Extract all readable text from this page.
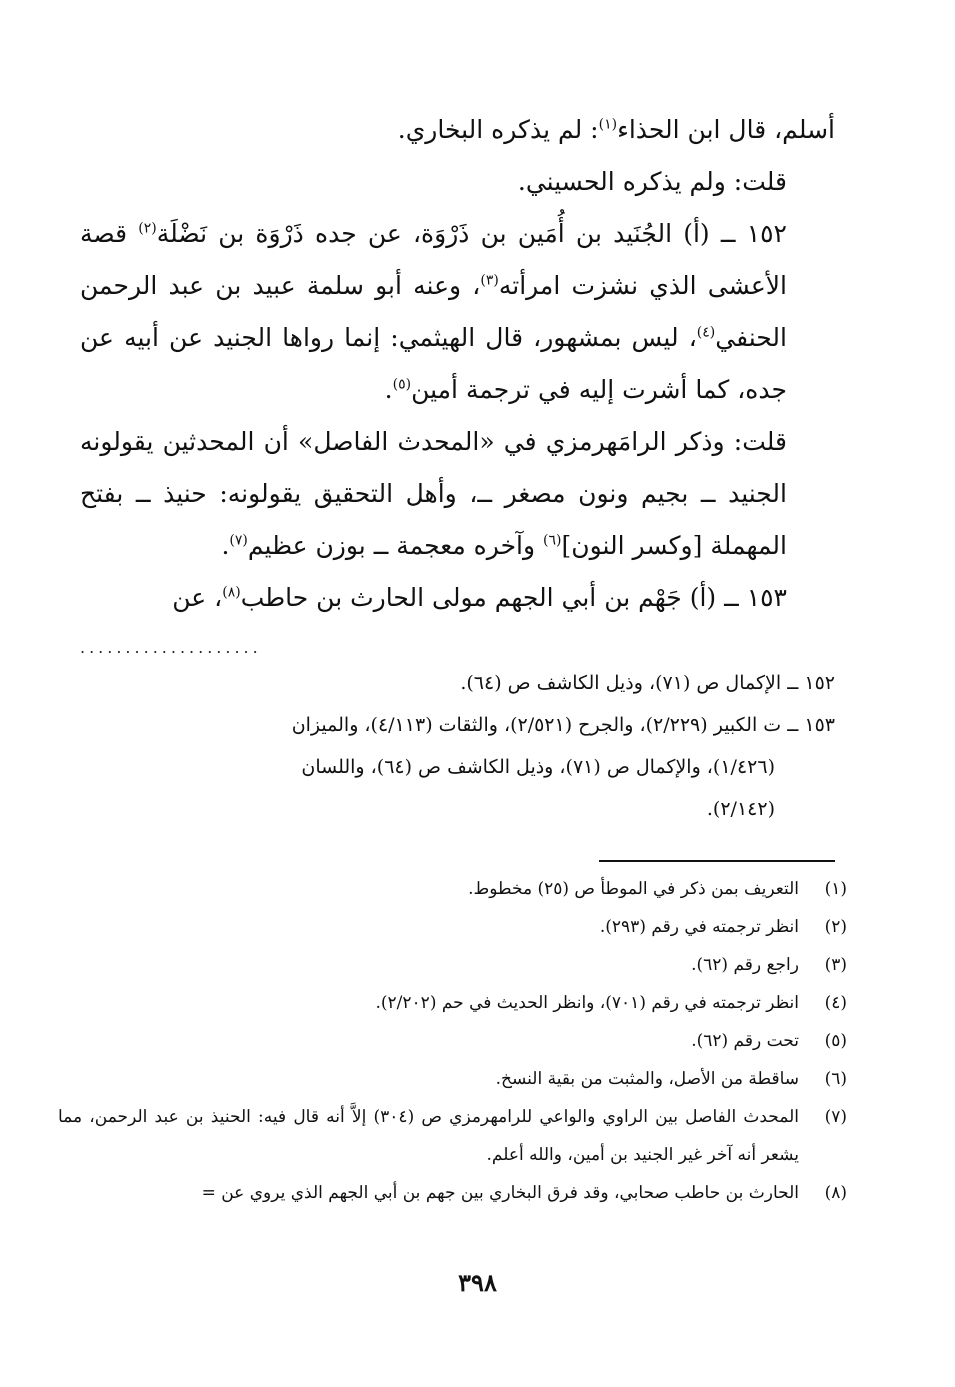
أسلم، قال ابن الحذاء$^{(١)}$: لم يذكره البخاري.

قلت: ولم يذكره الحسيني.

١٥٢ ــ (أ) الجُنَيد بن أُمَين بن ذَرْوَة، عن جده ذَرْوَة بن نَضْلَة$^{(٢)}$ قصة الأعشى الذي نشزت امرأته$^{(٣)}$، وعنه أبو سلمة عبيد بن عبد الرحمن الحنفي$^{(٤)}$، ليس بمشهور، قال الهيثمي: إنما رواها الجنيد عن أبيه عن جده، كما أشرت إليه في ترجمة أمين$^{(٥)}$.

قلت: وذكر الرامَهرمزي في «المحدث الفاصل» أن المحدثين يقولونه الجنيد ــ بجيم ونون مصغر ــ، وأهل التحقيق يقولونه: حنيذ ــ بفتح المهملة [وكسر النون]$^{(٦)}$ وآخره معجمة ــ بوزن عظيم$^{(٧)}$.

١٥٣ ــ (أ) جَهْم بن أبي الجهم مولى الحارث بن حاطب$^{(٨)}$، عن

....................

١٥٢ ــ الإكمال ص (٧١)، وذيل الكاشف ص (٦٤).

١٥٣ ــ ت الكبير (٢/٢٢٩)، والجرح (٢/٥٢١)، والثقات (٤/١١٣)، والميزان

(١/٤٢٦)، والإكمال ص (٧١)، وذيل الكاشف ص (٦٤)، واللسان

(٢/١٤٢).

(١)
التعريف بمن ذكر في الموطأ ص (٢٥) مخطوط.
(٢)
انظر ترجمته في رقم (٢٩٣).
(٣)
راجع رقم (٦٢).
(٤)
انظر ترجمته في رقم (٧٠١)، وانظر الحديث في حم (٢/٢٠٢).
(٥)
تحت رقم (٦٢).
(٦)
ساقطة من الأصل، والمثبت من بقية النسخ.
(٧)
المحدث الفاصل بين الراوي والواعي للرامهرمزي ص (٣٠٤) إلاَّ أنه قال فيه: الحنيذ بن عبد الرحمن، مما يشعر أنه آخر غير الجنيد بن أمين، والله أعلم.
(٨)
الحارث بن حاطب صحابي، وقد فرق البخاري بين جهم بن أبي الجهم الذي يروي عن =
٣٩٨
